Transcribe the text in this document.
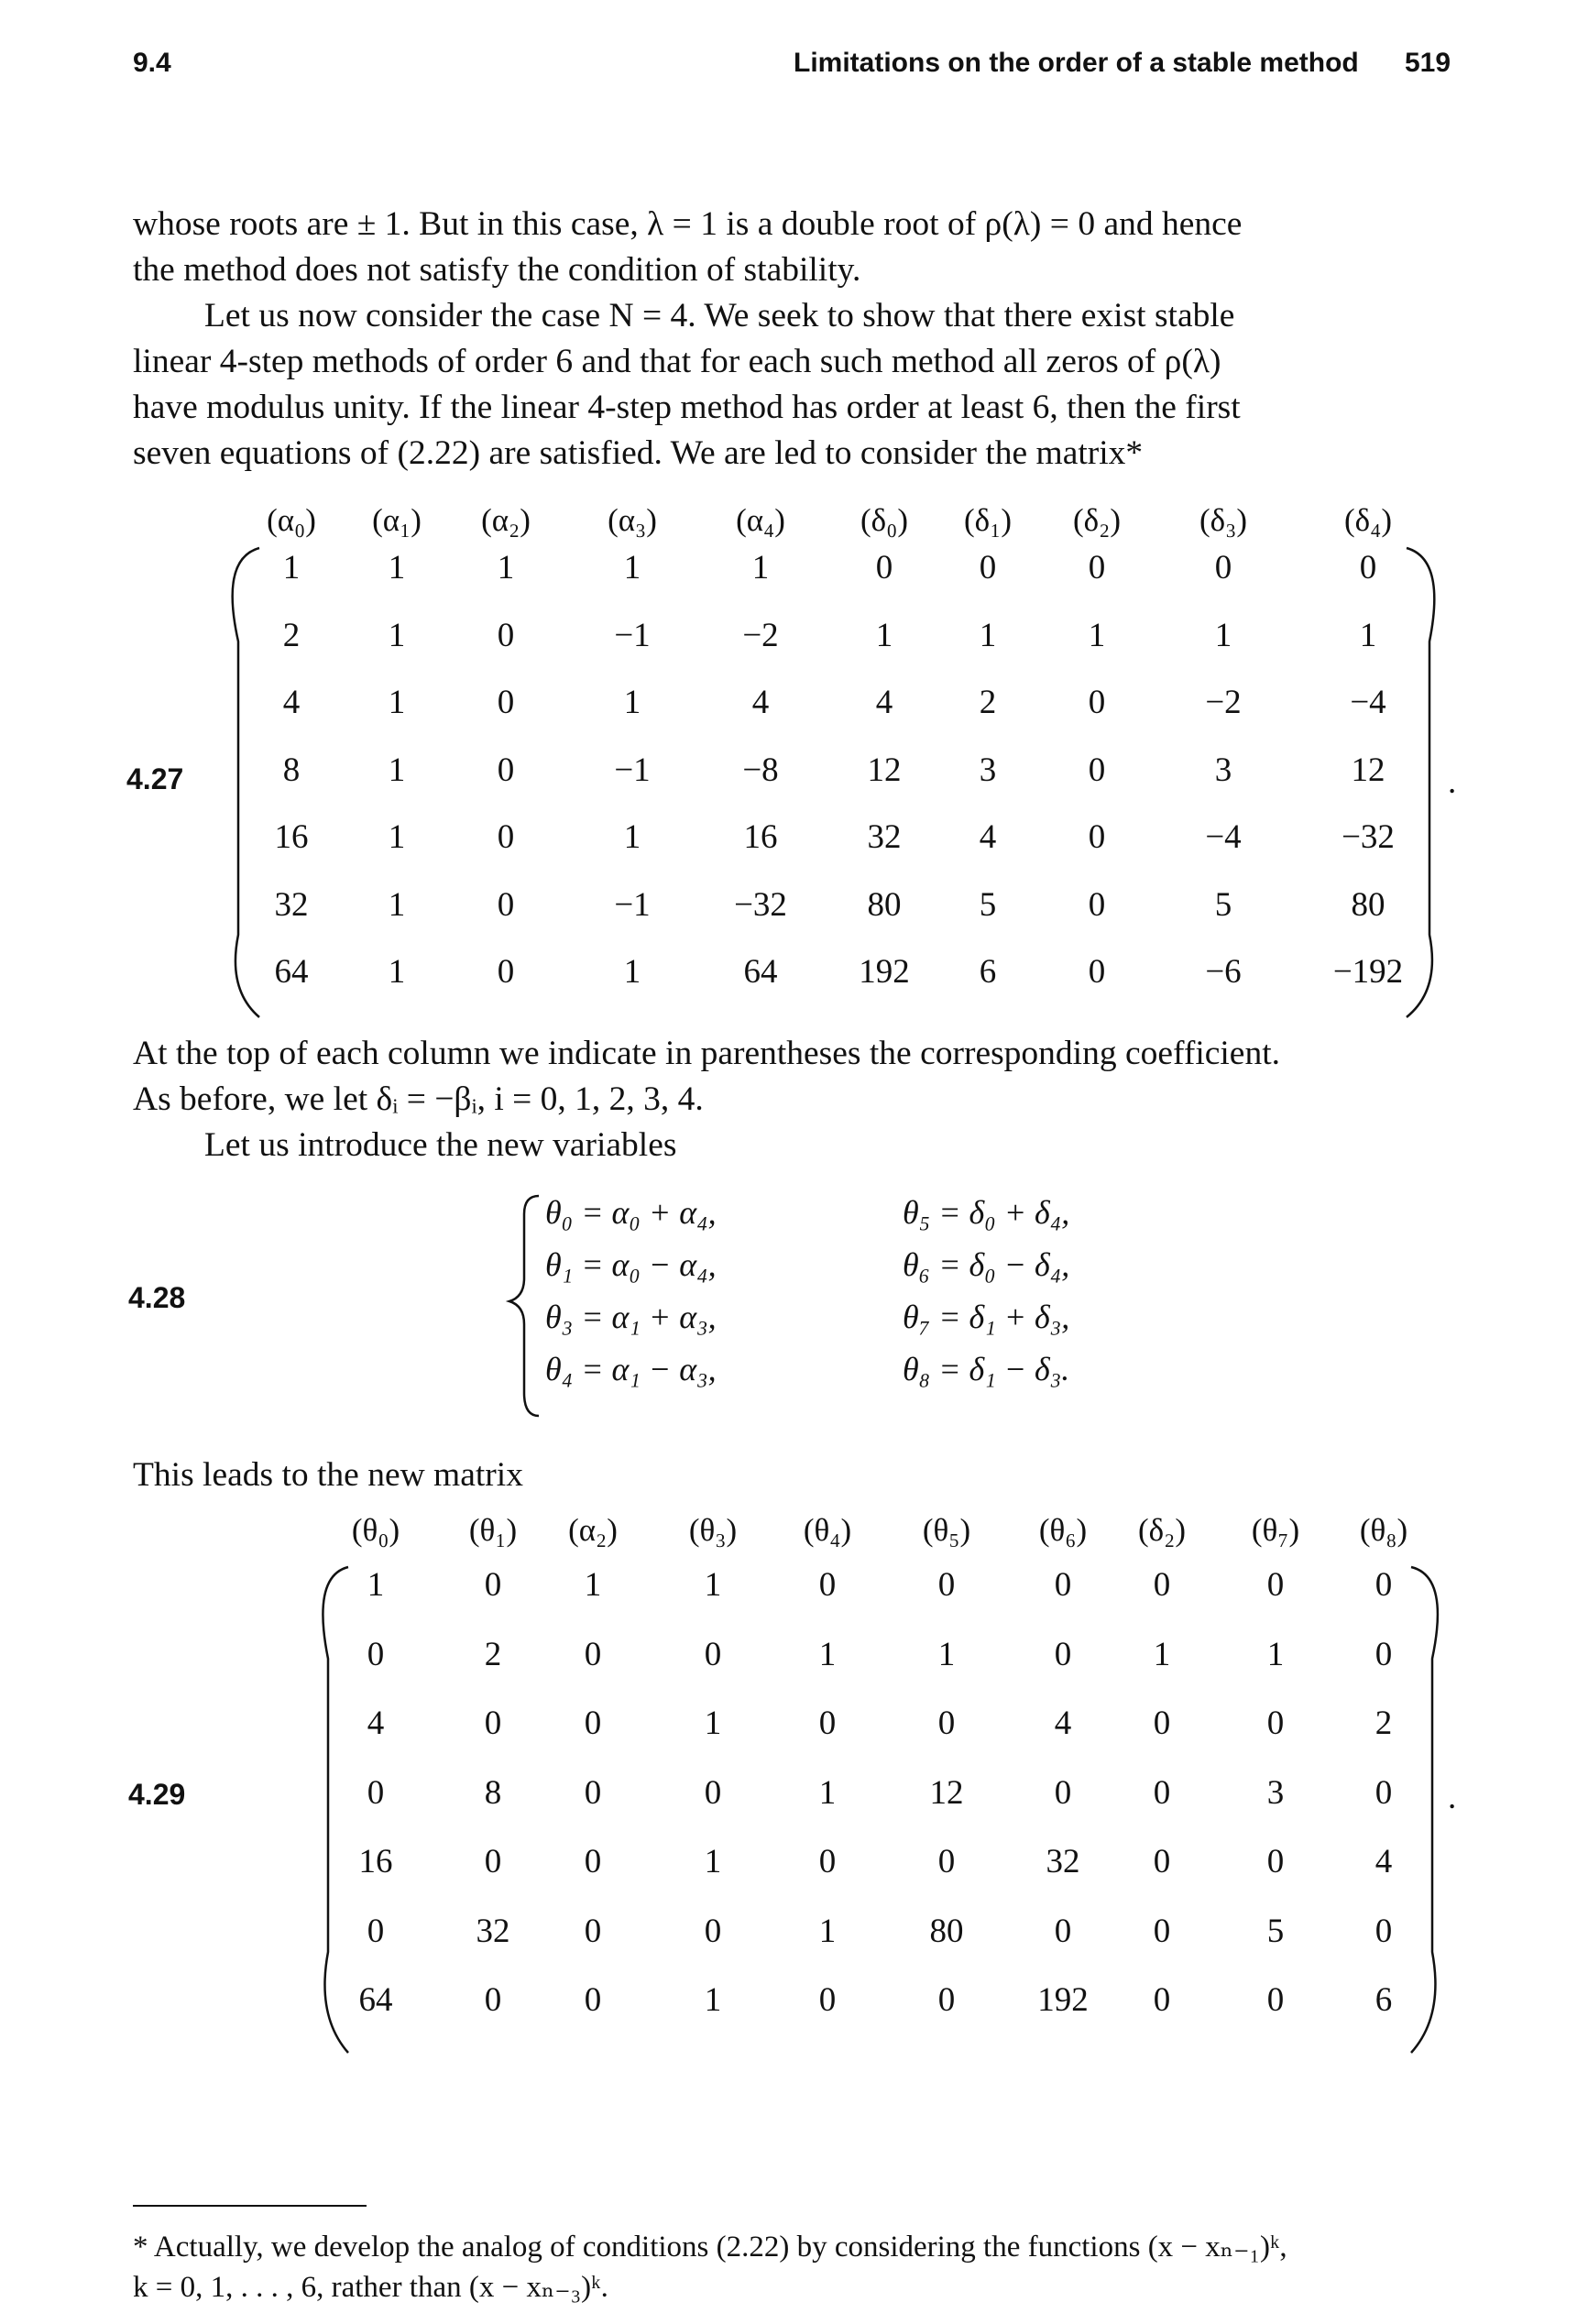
9.4	Limitations on the order of a stable method 519

whose roots are ± 1. But in this case, λ = 1 is a double root of ρ(λ) = 0 and hence

the method does not satisfy the condition of stability.

Let us now consider the case N = 4. We seek to show that there exist stable

linear 4-step methods of order 6 and that for each such method all zeros of ρ(λ)

have modulus unity. If the linear 4-step method has order at least 6, then the first

seven equations of (2.22) are satisfied. We are led to consider the matrix*

(α₀)	(α₁)	(α₂)	(α₃)	(α₄)	(δ₀)	(δ₁)	(δ₂)	(δ₃)	(δ₄)
1	1	1	1	1	0	0	0	0	0
2	1	0	−1	−2	1	1	1	1	1
4	1	0	1	4	4	2	0	−2	−4
8	1	0	−1	−8	12	3	0	3	12
16	1	0	1	16	32	4	0	−4	−32
32	1	0	−1	−32	80	5	0	5	80
64	1	0	1	64	192	6	0	−6	−192
4.27	.

At the top of each column we indicate in parentheses the corresponding coefficient.

As before, we let δᵢ = −βᵢ, i = 0, 1, 2, 3, 4.

Let us introduce the new variables

4.28
θ₀ = α₀ + α₄,
θ₁ = α₀ − α₄,
θ₃ = α₁ + α₃,
θ₄ = α₁ − α₃,
θ₅ = δ₀ + δ₄,
θ₆ = δ₀ − δ₄,
θ₇ = δ₁ + δ₃,
θ₈ = δ₁ − δ₃.
This leads to the new matrix
(θ₀)	(θ₁)	(α₂)	(θ₃)	(θ₄)	(θ₅)	(θ₆)	(δ₂)	(θ₇)	(θ₈)
1	0	1	1	0	0	0	0	0	0
0	2	0	0	1	1	0	1	1	0
4	0	0	1	0	0	4	0	0	2
0	8	0	0	1	12	0	0	3	0
16	0	0	1	0	0	32	0	0	4
0	32	0	0	1	80	0	0	5	0
64	0	0	1	0	0	192	0	0	6
4.29	.
* Actually, we develop the analog of conditions (2.22) by considering the functions (x − xₙ₋₁)ᵏ,
k = 0, 1, . . . , 6, rather than (x − xₙ₋₃)ᵏ.
